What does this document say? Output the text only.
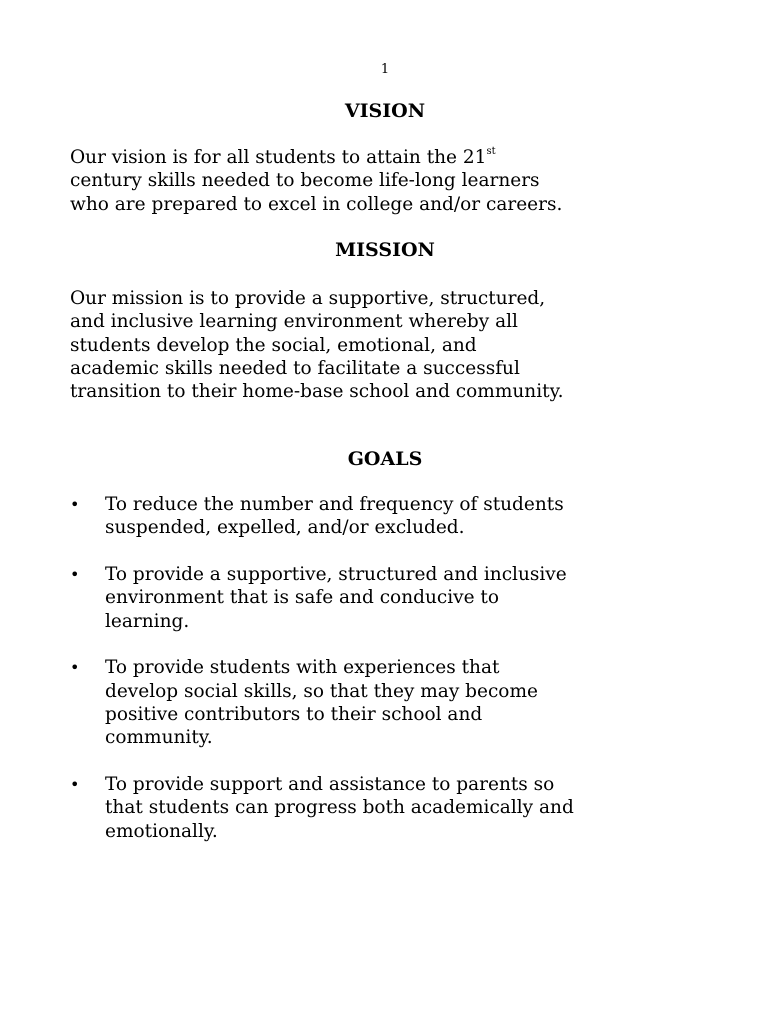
1
VISION
Our vision is for all students to attain the 21st
century skills needed to become life-long learners
who are prepared to excel in college and/or careers.
MISSION
Our mission is to provide a supportive, structured,
and inclusive learning environment whereby all
students develop the social, emotional, and
academic skills needed to facilitate a successful
transition to their home-base school and community.
GOALS
• To reduce the number and frequency of students
suspended, expelled, and/or excluded.
• To provide a supportive, structured and inclusive
environment that is safe and conducive to
learning.
• To provide students with experiences that
develop social skills, so that they may become
positive contributors to their school and
community.
• To provide support and assistance to parents so
that students can progress both academically and
emotionally.
